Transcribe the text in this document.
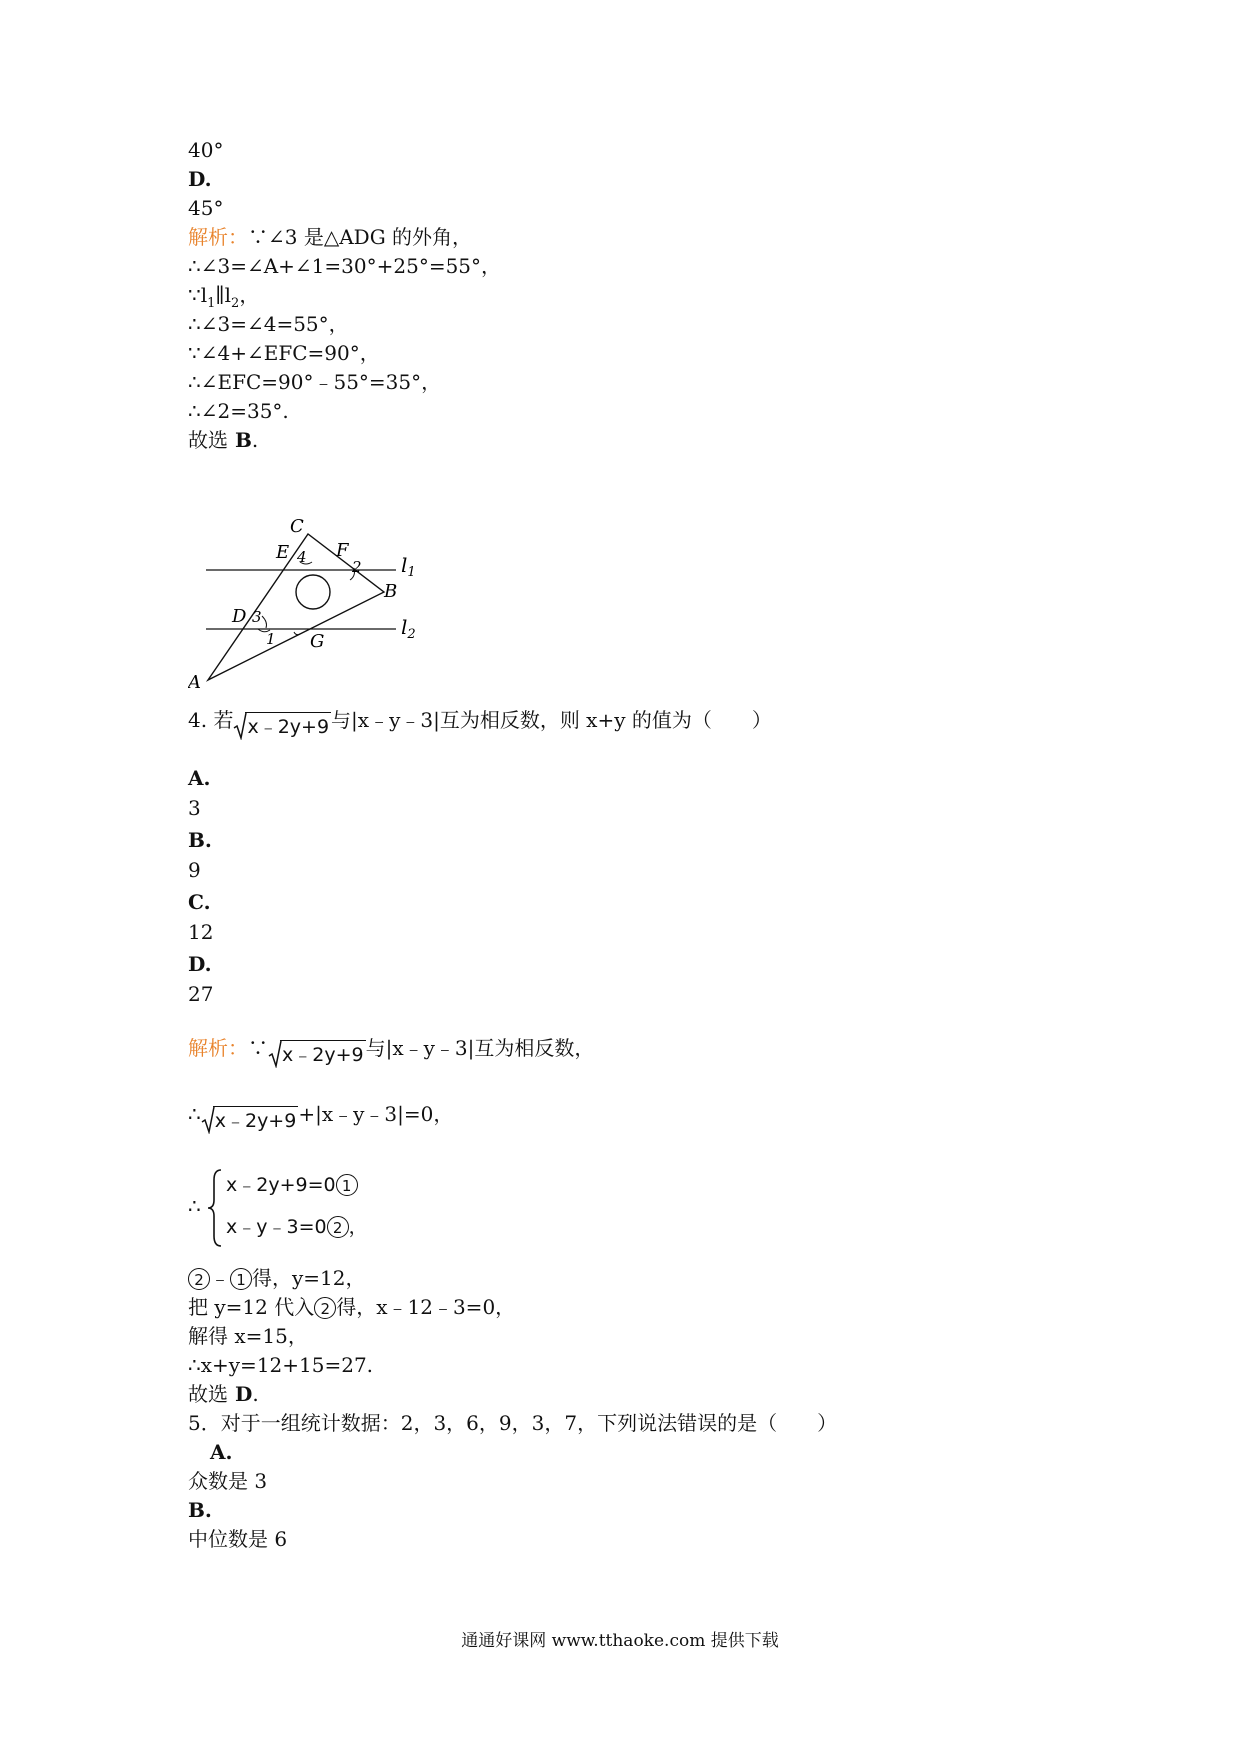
40°
D.
45°
解析：∵∠3 是△ADG 的外角，
∴∠3=∠A+∠1=30°+25°=55°，
$\because l_1\parallel l_2$，
∴∠3=∠4=55°，
∵∠4+∠EFC=90°，
∴∠EFC=90°﹣55°=35°，
∴∠2=35°.
故选 B.
C
E 4 F
2 $l_1$
B
D 3
1 G
$l_2$
A
4. 若 x﹣2y+9 与|x﹣y﹣3|互为相反数，则 x+y 的值为（　　）
A.
3
B.
9
C.
12
D.
27
解析：∵ x﹣2y+9 与|x﹣y﹣3|互为相反数，
∴ x﹣2y+9 +|x﹣y﹣3|=0，
∴
x﹣2y+9=0 1
x﹣y﹣3=0 2 ，
2 ﹣ 1 得，y=12，
把 y=12 代入 2 得，x﹣12﹣3=0，
解得 x=15，
∴x+y=12+15=27.
故选 D.
5．对于一组统计数据：2，3，6，9，3，7，下列说法错误的是（　　）
A.
众数是 3
B.
中位数是 6
通通好课网 www.tthaoke.com 提供下载
